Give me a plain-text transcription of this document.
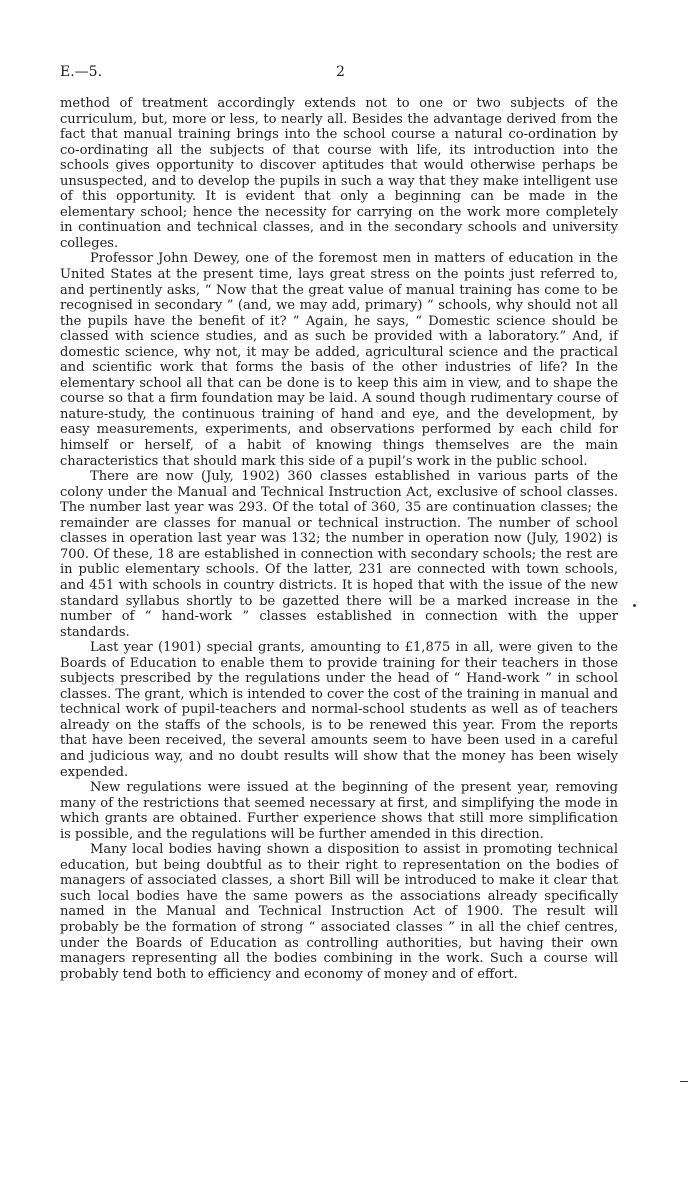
E.—5.	2

method of treatment accordingly extends not to one or two subjects of the curriculum, but, more or less, to nearly all. Besides the advantage derived from the fact that manual training brings into the school course a natural co-ordination by co-ordinating all the subjects of that course with life, its introduction into the schools gives opportunity to discover aptitudes that would otherwise perhaps be unsuspected, and to develop the pupils in such a way that they make intelligent use of this opportunity. It is evident that only a beginning can be made in the elementary school; hence the necessity for carrying on the work more completely in continuation and technical classes, and in the secondary schools and university colleges.

Professor John Dewey, one of the foremost men in matters of education in the United States at the present time, lays great stress on the points just referred to, and pertinently asks, “ Now that the great value of manual training has come to be recognised in secondary ” (and, we may add, primary) “ schools, why should not all the pupils have the benefit of it? ” Again, he says, “ Domestic science should be classed with science studies, and as such be provided with a laboratory.” And, if domestic science, why not, it may be added, agricultural science and the practical and scientific work that forms the basis of the other industries of life? In the elementary school all that can be done is to keep this aim in view, and to shape the course so that a firm foundation may be laid. A sound though rudimentary course of nature-study, the continuous training of hand and eye, and the development, by easy measurements, experiments, and observations performed by each child for himself or herself, of a habit of knowing things themselves are the main characteristics that should mark this side of a pupil’s work in the public school.

There are now (July, 1902) 360 classes established in various parts of the colony under the Manual and Technical Instruction Act, exclusive of school classes. The number last year was 293. Of the total of 360, 35 are continuation classes; the remainder are classes for manual or technical instruction. The number of school classes in operation last year was 132; the number in operation now (July, 1902) is 700. Of these, 18 are established in connection with secondary schools; the rest are in public elementary schools. Of the latter, 231 are connected with town schools, and 451 with schools in country districts. It is hoped that with the issue of the new standard syllabus shortly to be gazetted there will be a marked increase in the number of “ hand-work ” classes established in connection with the upper standards.

Last year (1901) special grants, amounting to £1,875 in all, were given to the Boards of Education to enable them to provide training for their teachers in those subjects prescribed by the regulations under the head of “ Hand-work ” in school classes. The grant, which is intended to cover the cost of the training in manual and technical work of pupil-teachers and normal-school students as well as of teachers already on the staffs of the schools, is to be renewed this year. From the reports that have been received, the several amounts seem to have been used in a careful and judicious way, and no doubt results will show that the money has been wisely expended.

New regulations were issued at the beginning of the present year, removing many of the restrictions that seemed necessary at first, and simplifying the mode in which grants are obtained. Further experience shows that still more simplification is possible, and the regulations will be further amended in this direction.

Many local bodies having shown a disposition to assist in promoting technical education, but being doubtful as to their right to representation on the bodies of managers of associated classes, a short Bill will be introduced to make it clear that such local bodies have the same powers as the associations already specifically named in the Manual and Technical Instruction Act of 1900. The result will probably be the formation of strong “ associated classes ” in all the chief centres, under the Boards of Education as controlling authorities, but having their own managers representing all the bodies combining in the work. Such a course will probably tend both to efficiency and economy of money and of effort.
